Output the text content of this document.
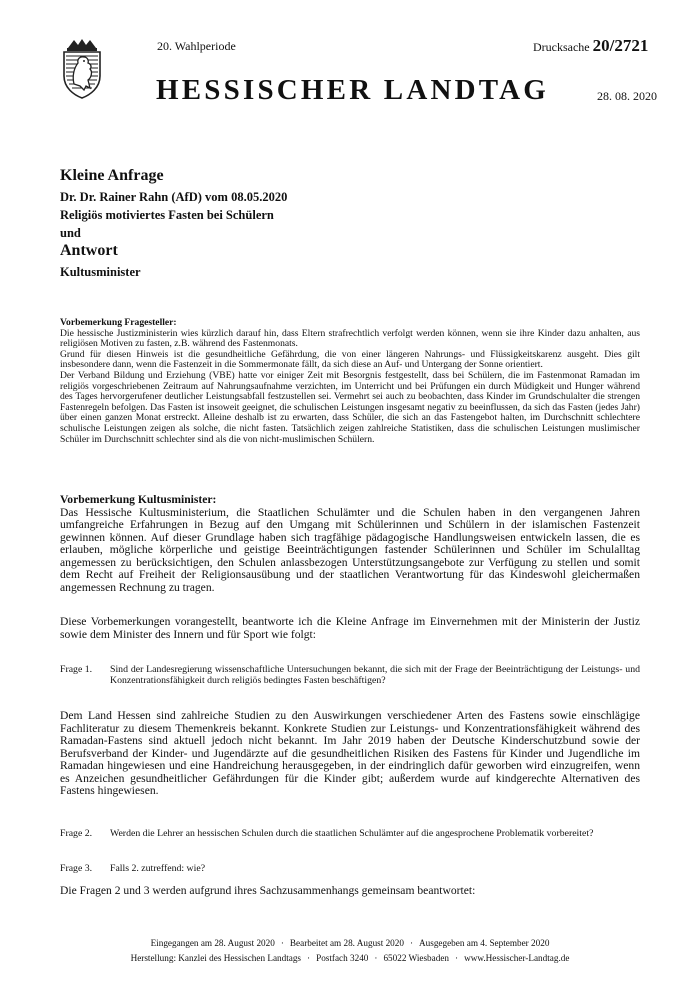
20. Wahlperiode	Drucksache 20/2721
HESSISCHER LANDTAG	28. 08. 2020
Kleine Anfrage
Dr. Dr. Rainer Rahn (AfD) vom 08.05.2020
Religiös motiviertes Fasten bei Schülern
und
Antwort
Kultusminister

Vorbemerkung Fragesteller:

Die hessische Justizministerin wies kürzlich darauf hin, dass Eltern strafrechtlich verfolgt werden können, wenn sie ihre Kinder dazu anhalten, aus religiösen Motiven zu fasten, z.B. während des Fastenmonats.

Grund für diesen Hinweis ist die gesundheitliche Gefährdung, die von einer längeren Nahrungs- und Flüssigkeitskarenz ausgeht. Dies gilt insbesondere dann, wenn die Fastenzeit in die Sommermonate fällt, da sich diese an Auf- und Untergang der Sonne orientiert.

Der Verband Bildung und Erziehung (VBE) hatte vor einiger Zeit mit Besorgnis festgestellt, dass bei Schülern, die im Fastenmonat Ramadan im religiös vorgeschriebenen Zeitraum auf Nahrungsaufnahme verzichten, im Unterricht und bei Prüfungen ein durch Müdigkeit und Hunger während des Tages hervorgerufener deutlicher Leistungsabfall festzustellen sei. Vermehrt sei auch zu beobachten, dass Kinder im Grundschulalter die strengen Fastenregeln befolgen. Das Fasten ist insoweit geeignet, die schulischen Leistungen insgesamt negativ zu beeinflussen, da sich das Fasten (jedes Jahr) über einen ganzen Monat erstreckt. Alleine deshalb ist zu erwarten, dass Schüler, die sich an das Fastengebot halten, im Durchschnitt schlechtere schulische Leistungen zeigen als solche, die nicht fasten. Tatsächlich zeigen zahlreiche Statistiken, dass die schulischen Leistungen muslimischer Schüler im Durchschnitt schlechter sind als die von nicht-muslimischen Schülern.

Vorbemerkung Kultusminister:

Das Hessische Kultusministerium, die Staatlichen Schulämter und die Schulen haben in den vergangenen Jahren umfangreiche Erfahrungen in Bezug auf den Umgang mit Schülerinnen und Schülern in der islamischen Fastenzeit gewinnen können. Auf dieser Grundlage haben sich tragfähige pädagogische Handlungsweisen entwickeln lassen, die es erlauben, mögliche körperliche und geistige Beeinträchtigungen fastender Schülerinnen und Schüler im Schulalltag angemessen zu berücksichtigen, den Schulen anlassbezogen Unterstützungsangebote zur Verfügung zu stellen und somit dem Recht auf Freiheit der Religionsausübung und der staatlichen Verantwortung für das Kindeswohl gleichermaßen angemessen Rechnung zu tragen.

Diese Vorbemerkungen vorangestellt, beantworte ich die Kleine Anfrage im Einvernehmen mit der Ministerin der Justiz sowie dem Minister des Innern und für Sport wie folgt:
Frage 1.	Sind der Landesregierung wissenschaftliche Untersuchungen bekannt, die sich mit der Frage der Beeinträchtigung der Leistungs- und Konzentrationsfähigkeit durch religiös bedingtes Fasten beschäftigen?
Dem Land Hessen sind zahlreiche Studien zu den Auswirkungen verschiedener Arten des Fastens sowie einschlägige Fachliteratur zu diesem Themenkreis bekannt. Konkrete Studien zur Leistungs- und Konzentrationsfähigkeit während des Ramadan-Fastens sind aktuell jedoch nicht bekannt. Im Jahr 2019 haben der Deutsche Kinderschutzbund sowie der Berufsverband der Kinder- und Jugendärzte auf die gesundheitlichen Risiken des Fastens für Kinder und Jugendliche im Ramadan hingewiesen und eine Handreichung herausgegeben, in der eindringlich dafür geworben wird einzugreifen, wenn es Anzeichen gesundheitlicher Gefährdungen für die Kinder gibt; außerdem wurde auf kindgerechte Alternativen des Fastens hingewiesen.
Frage 2.	Werden die Lehrer an hessischen Schulen durch die staatlichen Schulämter auf die angesprochene Problematik vorbereitet?
Frage 3.	Falls 2. zutreffend: wie?
Die Fragen 2 und 3 werden aufgrund ihres Sachzusammenhangs gemeinsam beantwortet:
Eingegangen am 28. August 2020 · Bearbeitet am 28. August 2020 · Ausgegeben am 4. September 2020
Herstellung: Kanzlei des Hessischen Landtags · Postfach 3240 · 65022 Wiesbaden · www.Hessischer-Landtag.de
